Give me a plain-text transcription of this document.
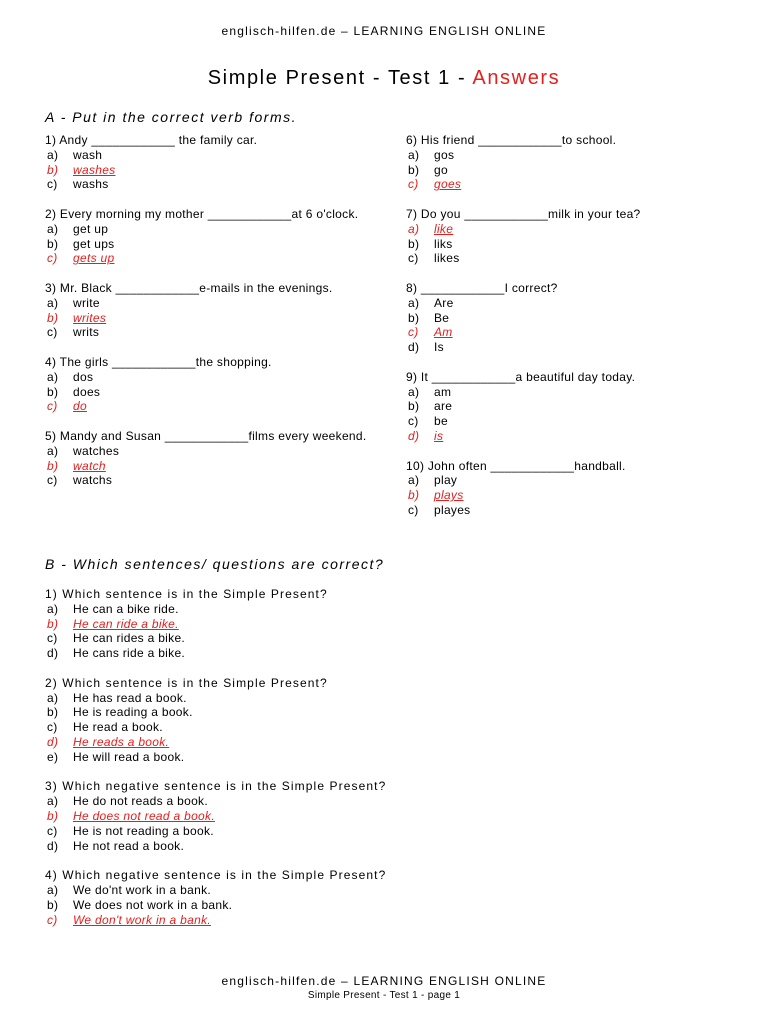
englisch-hilfen.de – LEARNING ENGLISH ONLINE
Simple Present - Test 1 - Answers
A - Put in the correct verb forms.
1) Andy ____________ the family car.
a) wash
b) washes
c) washs
2) Every morning my mother ____________at 6 o'clock.
a) get up
b) get ups
c) gets up
3) Mr. Black ____________e-mails in the evenings.
a) write
b) writes
c) writs
4) The girls ____________the shopping.
a) dos
b) does
c) do
5) Mandy and Susan ____________films every weekend.
a) watches
b) watch
c) watchs
6) His friend ____________to school.
a) gos
b) go
c) goes
7) Do you ____________milk in your tea?
a) like
b) liks
c) likes
8) ____________I correct?
a) Are
b) Be
c) Am
d) Is
9) It ____________a beautiful day today.
a) am
b) are
c) be
d) is
10) John often ____________handball.
a) play
b) plays
c) playes
B - Which sentences/ questions are correct?
1) Which sentence is in the Simple Present?
a) He can a bike ride.
b) He can ride a bike.
c) He can rides a bike.
d) He cans ride a bike.
2) Which sentence is in the Simple Present?
a) He has read a book.
b) He is reading a book.
c) He read a book.
d) He reads a book.
e) He will read a book.
3) Which negative sentence is in the Simple Present?
a) He do not reads a book.
b) He does not read a book.
c) He is not reading a book.
d) He not read a book.
4) Which negative sentence is in the Simple Present?
a) We do'nt work in a bank.
b) We does not work in a bank.
c) We don't work in a bank.
englisch-hilfen.de – LEARNING ENGLISH ONLINE
Simple Present - Test 1 - page 1
